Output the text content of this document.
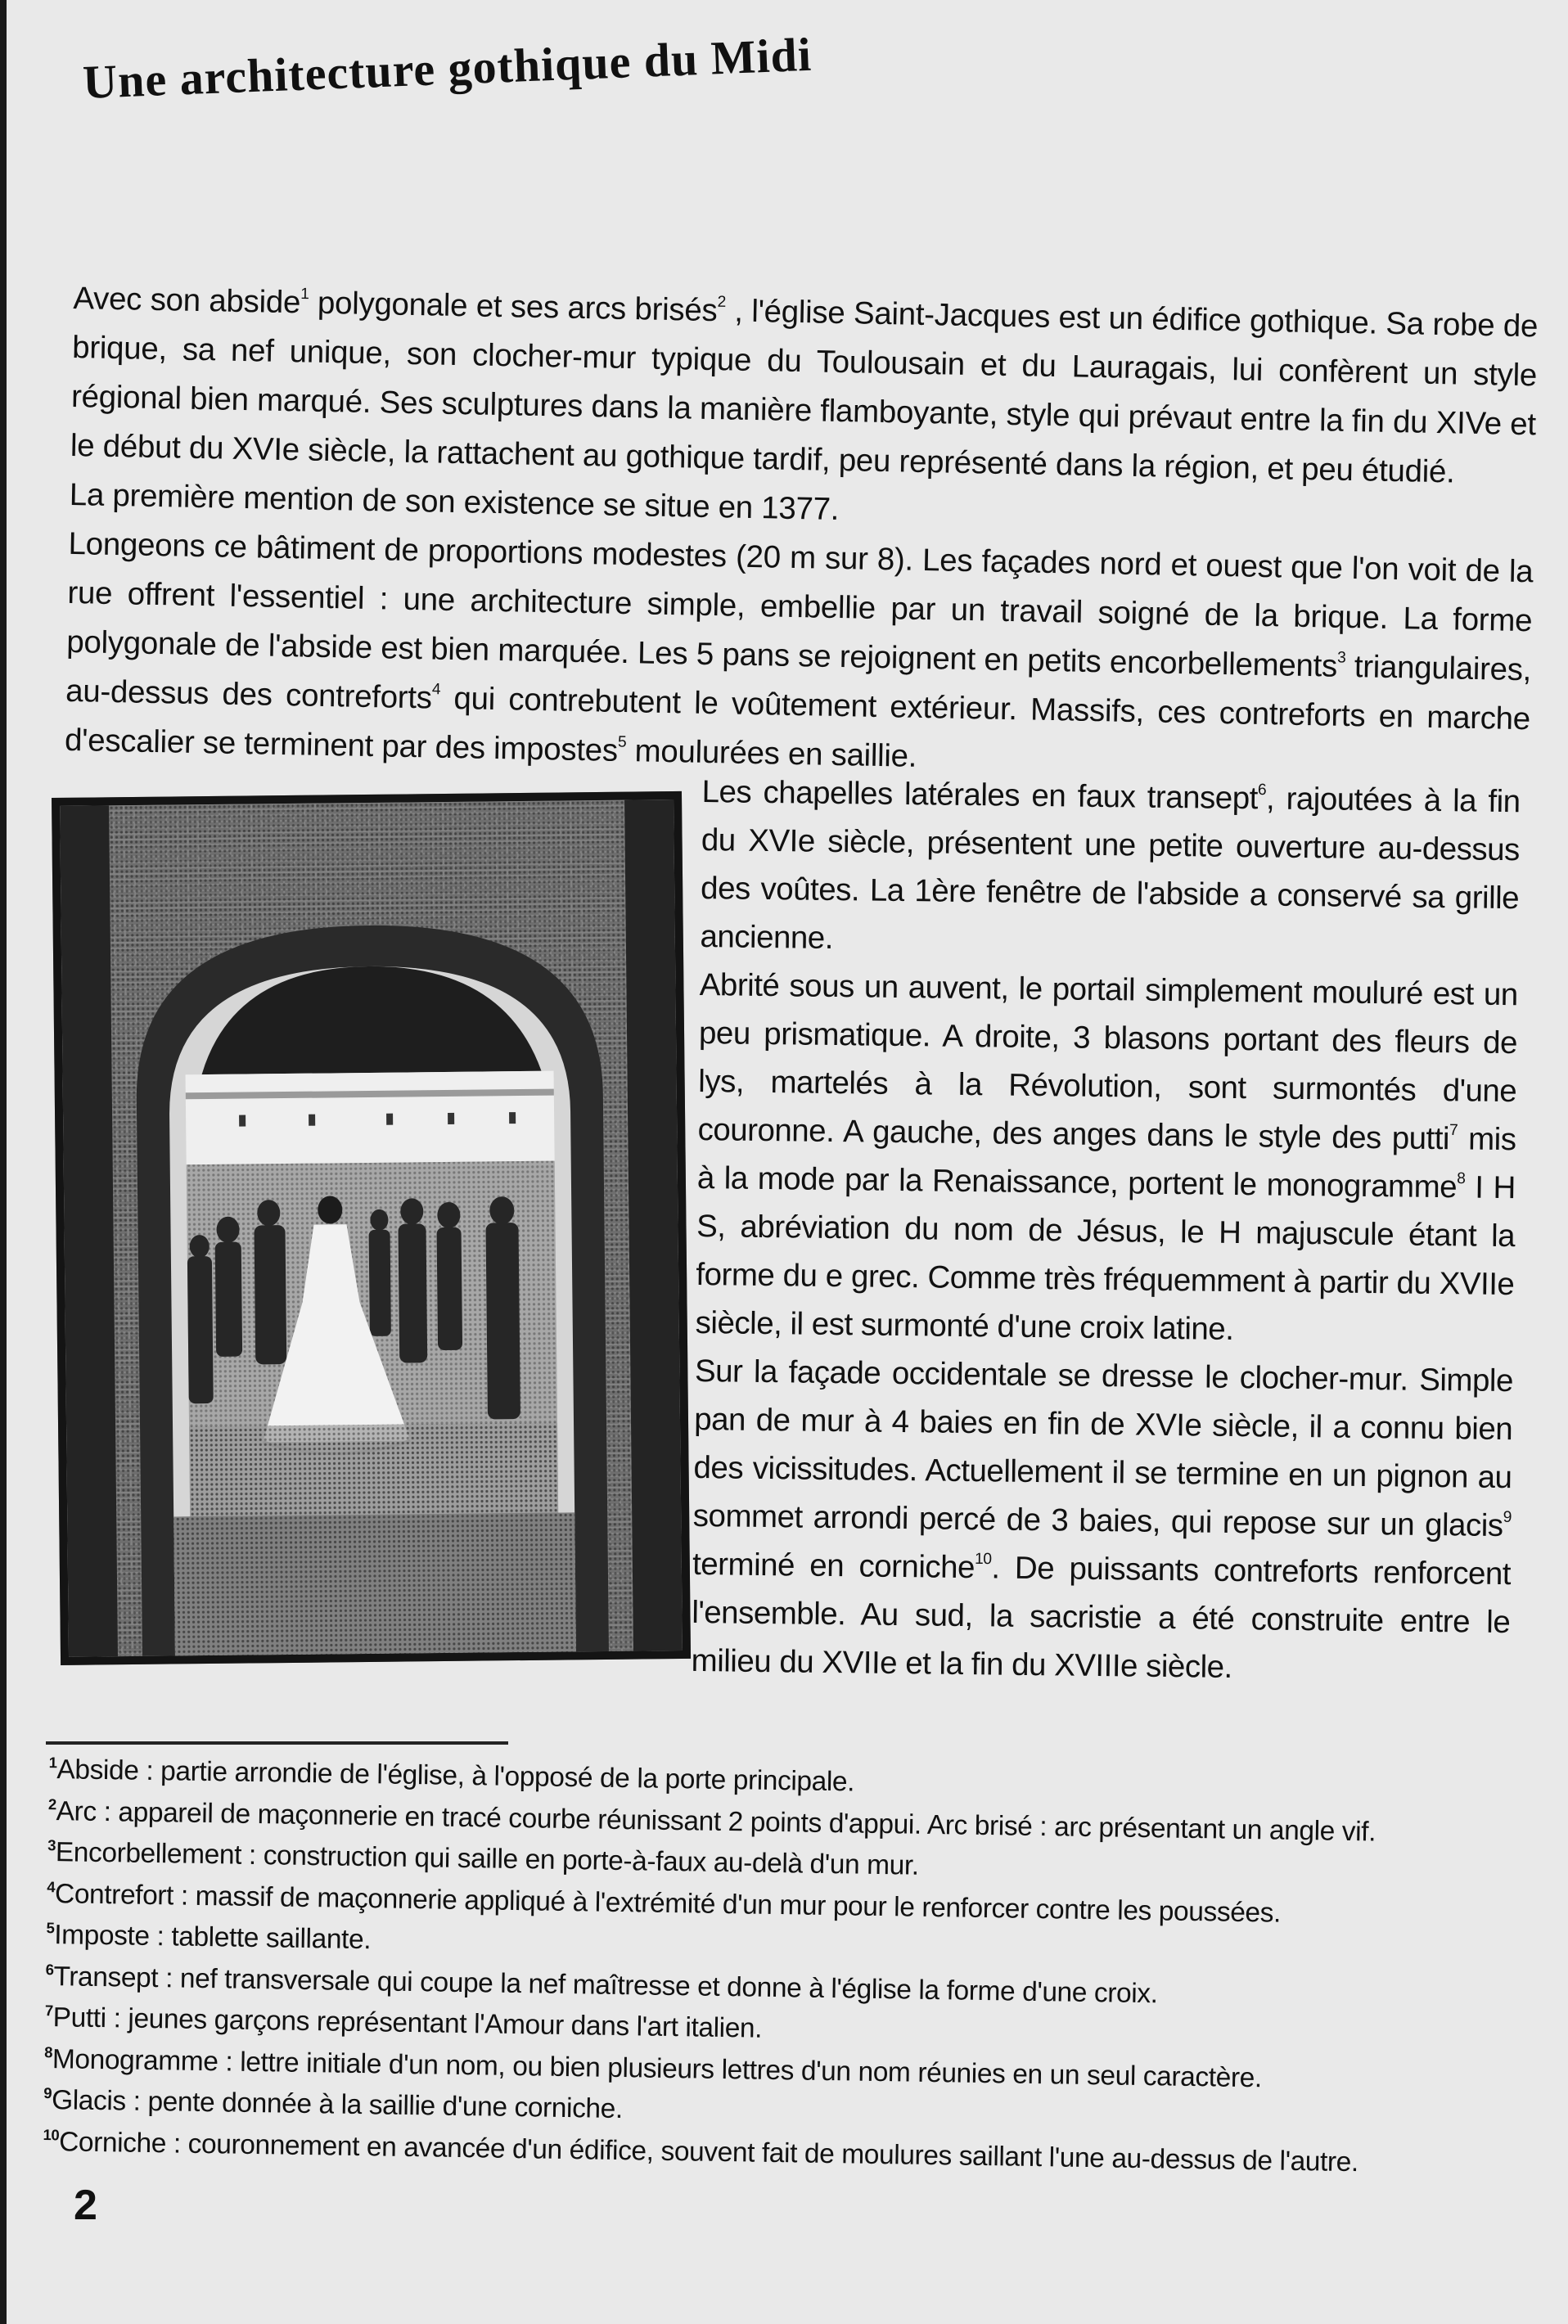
Une architecture gothique du Midi

Avec son abside$^1$ polygonale et ses arcs brisés$^2$ , l'église Saint-Jacques est un édifice gothique. Sa robe de brique, sa nef unique, son clocher-mur typique du Toulousain et du Lauragais, lui confèrent un style régional bien marqué. Ses sculptures dans la manière flamboyante, style qui prévaut entre la fin du XIVe et le début du XVIe siècle, la rattachent au gothique tardif, peu représenté dans la région, et peu étudié.

La première mention de son existence se situe en 1377.

Longeons ce bâtiment de proportions modestes (20 m sur 8). Les façades nord et ouest que l'on voit de la rue offrent l'essentiel : une architecture simple, embellie par un travail soigné de la brique. La forme polygonale de l'abside est bien marquée. Les 5 pans se rejoignent en petits encorbellements$^3$ triangulaires, au-dessus des contreforts$^4$ qui contrebutent le voûtement extérieur. Massifs, ces contreforts en marche d'escalier se terminent par des impostes$^5$ moulurées en saillie.

Les chapelles latérales en faux transept$^6$, rajoutées à la fin du XVIe siècle, présentent une petite ouverture au-dessus des voûtes. La 1ère fenêtre de l'abside a conservé sa grille ancienne.

Abrité sous un auvent, le portail simplement mouluré est un peu prismatique. A droite, 3 blasons portant des fleurs de lys, martelés à la Révolution, sont surmontés d'une couronne. A gauche, des anges dans le style des putti$^7$ mis à la mode par la Renaissance, portent le monogramme$^8$ I H S, abréviation du nom de Jésus, le H majuscule étant la forme du e grec. Comme très fréquemment à partir du XVIIe siècle, il est surmonté d'une croix latine.

Sur la façade occidentale se dresse le clocher-mur. Simple pan de mur à 4 baies en fin de XVIe siècle, il a connu bien des vicissitudes. Actuellement il se termine en un pignon au sommet arrondi percé de 3 baies, qui repose sur un glacis$^9$ terminé en corniche$^{10}$. De puissants contreforts renforcent l'ensemble. Au sud, la sacristie a été construite entre le milieu du XVIIe et la fin du XVIIIe siècle.

$^1$Abside : partie arrondie de l'église, à l'opposé de la porte principale.
$^2$Arc : appareil de maçonnerie en tracé courbe réunissant 2 points d'appui. Arc brisé : arc présentant un angle vif.
$^3$Encorbellement : construction qui saille en porte-à-faux au-delà d'un mur.
$^4$Contrefort : massif de maçonnerie appliqué à l'extrémité d'un mur pour le renforcer contre les poussées.
$^5$Imposte : tablette saillante.
$^6$Transept : nef transversale qui coupe la nef maîtresse et donne à l'église la forme d'une croix.
$^7$Putti : jeunes garçons représentant l'Amour dans l'art italien.
$^8$Monogramme : lettre initiale d'un nom, ou bien plusieurs lettres d'un nom réunies en un seul caractère.
$^9$Glacis : pente donnée à la saillie d'une corniche.
$^{10}$Corniche : couronnement en avancée d'un édifice, souvent fait de moulures saillant l'une au-dessus de l'autre.
2
